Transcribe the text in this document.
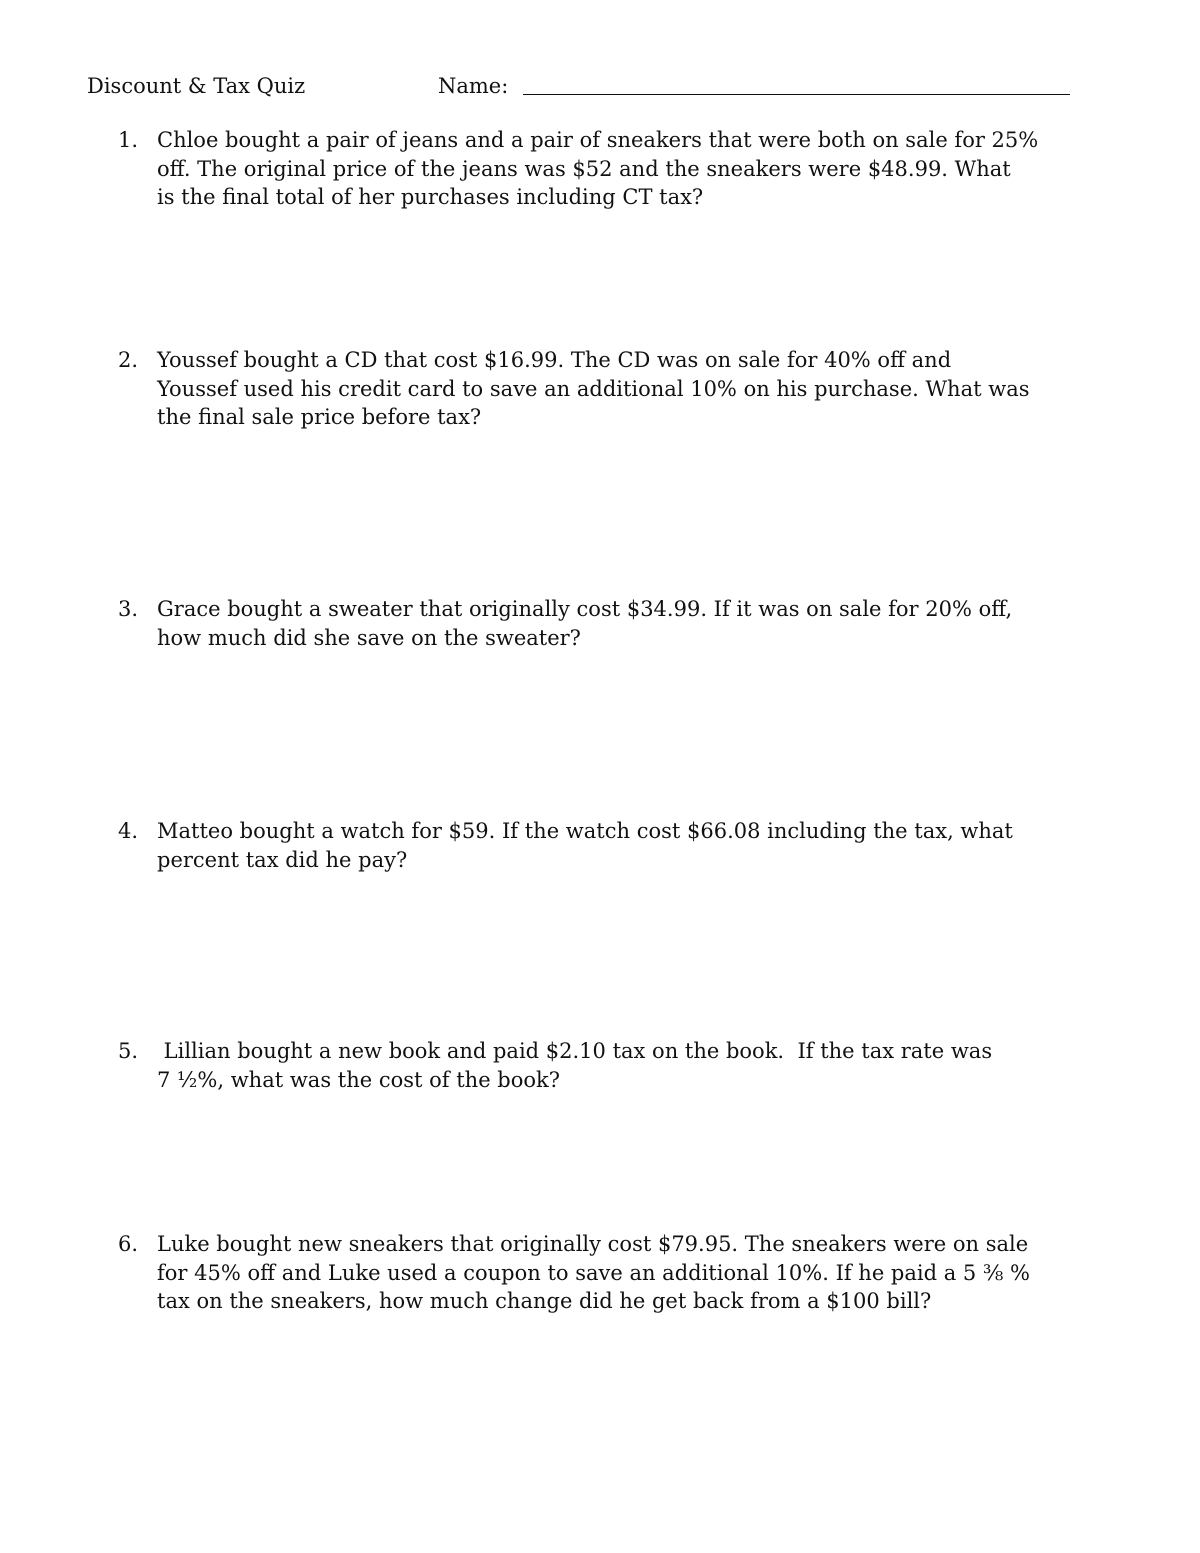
Discount & Tax Quiz	Name:
1. Chloe bought a pair of jeans and a pair of sneakers that were both on sale for 25%
off. The original price of the jeans was $52 and the sneakers were $48.99. What
is the final total of her purchases including CT tax?
2. Youssef bought a CD that cost $16.99. The CD was on sale for 40% off and
Youssef used his credit card to save an additional 10% on his purchase. What was
the final sale price before tax?
3. Grace bought a sweater that originally cost $34.99. If it was on sale for 20% off,
how much did she save on the sweater?
4. Matteo bought a watch for $59. If the watch cost $66.08 including the tax, what
percent tax did he pay?
5. Lillian bought a new book and paid $2.10 tax on the book.  If the tax rate was
7 ½%, what was the cost of the book?
6. Luke bought new sneakers that originally cost $79.95. The sneakers were on sale
for 45% off and Luke used a coupon to save an additional 10%. If he paid a 5 ⅜ %
tax on the sneakers, how much change did he get back from a $100 bill?
